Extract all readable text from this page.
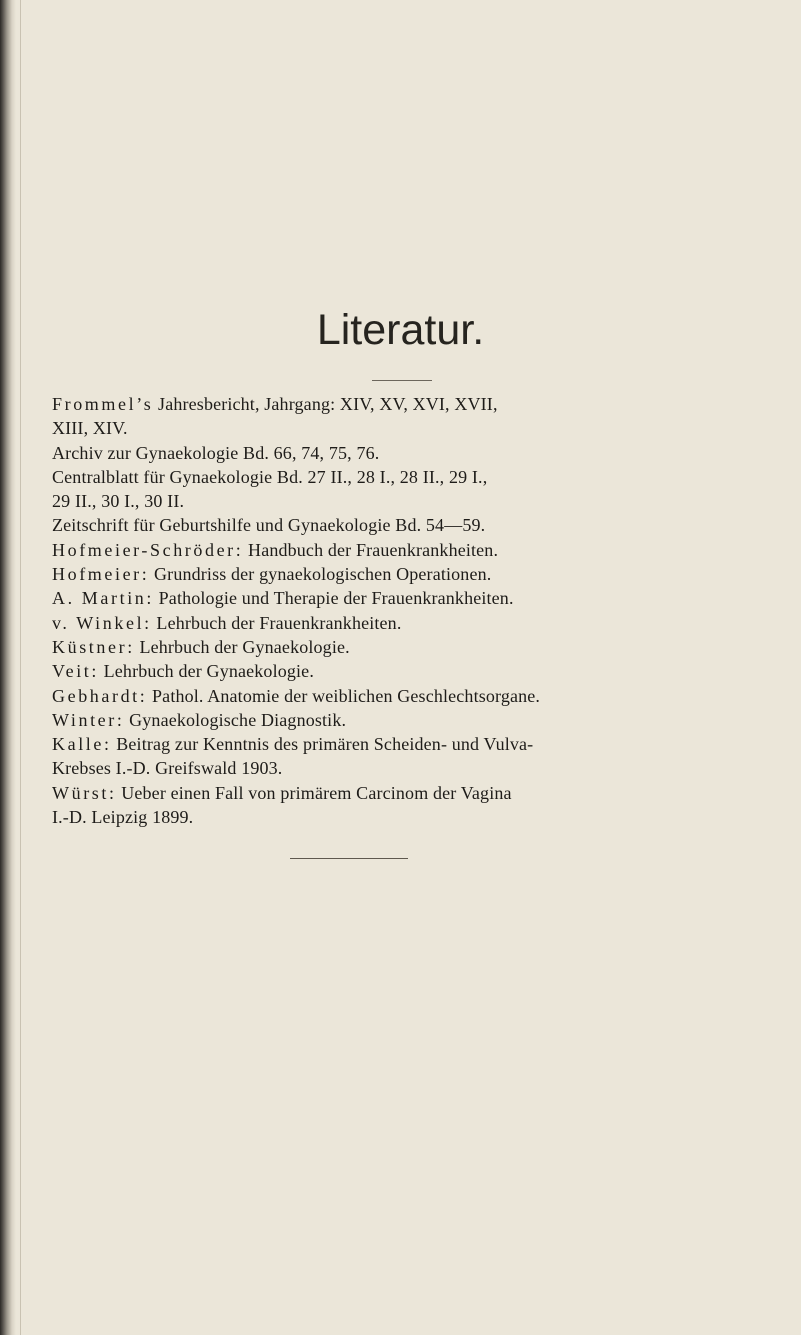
Literatur.
Frommel’s Jahresbericht, Jahrgang: XIV, XV, XVI, XVII,
XIII, XIV.
Archiv zur Gynaekologie Bd. 66, 74, 75, 76.
Centralblatt für Gynaekologie Bd. 27 II., 28 I., 28 II., 29 I.,
29 II., 30 I., 30 II.
Zeitschrift für Geburtshilfe und Gynaekologie Bd. 54—59.
Hofmeier-Schröder: Handbuch der Frauenkrankheiten.
Hofmeier: Grundriss der gynaekologischen Operationen.
A. Martin: Pathologie und Therapie der Frauenkrankheiten.
v. Winkel: Lehrbuch der Frauenkrankheiten.
Küstner: Lehrbuch der Gynaekologie.
Veit: Lehrbuch der Gynaekologie.
Gebhardt: Pathol. Anatomie der weiblichen Geschlechtsorgane.
Winter: Gynaekologische Diagnostik.
Kalle: Beitrag zur Kenntnis des primären Scheiden- und Vulva-
Krebses I.-D. Greifswald 1903.
Würst: Ueber einen Fall von primärem Carcinom der Vagina
I.-D. Leipzig 1899.
